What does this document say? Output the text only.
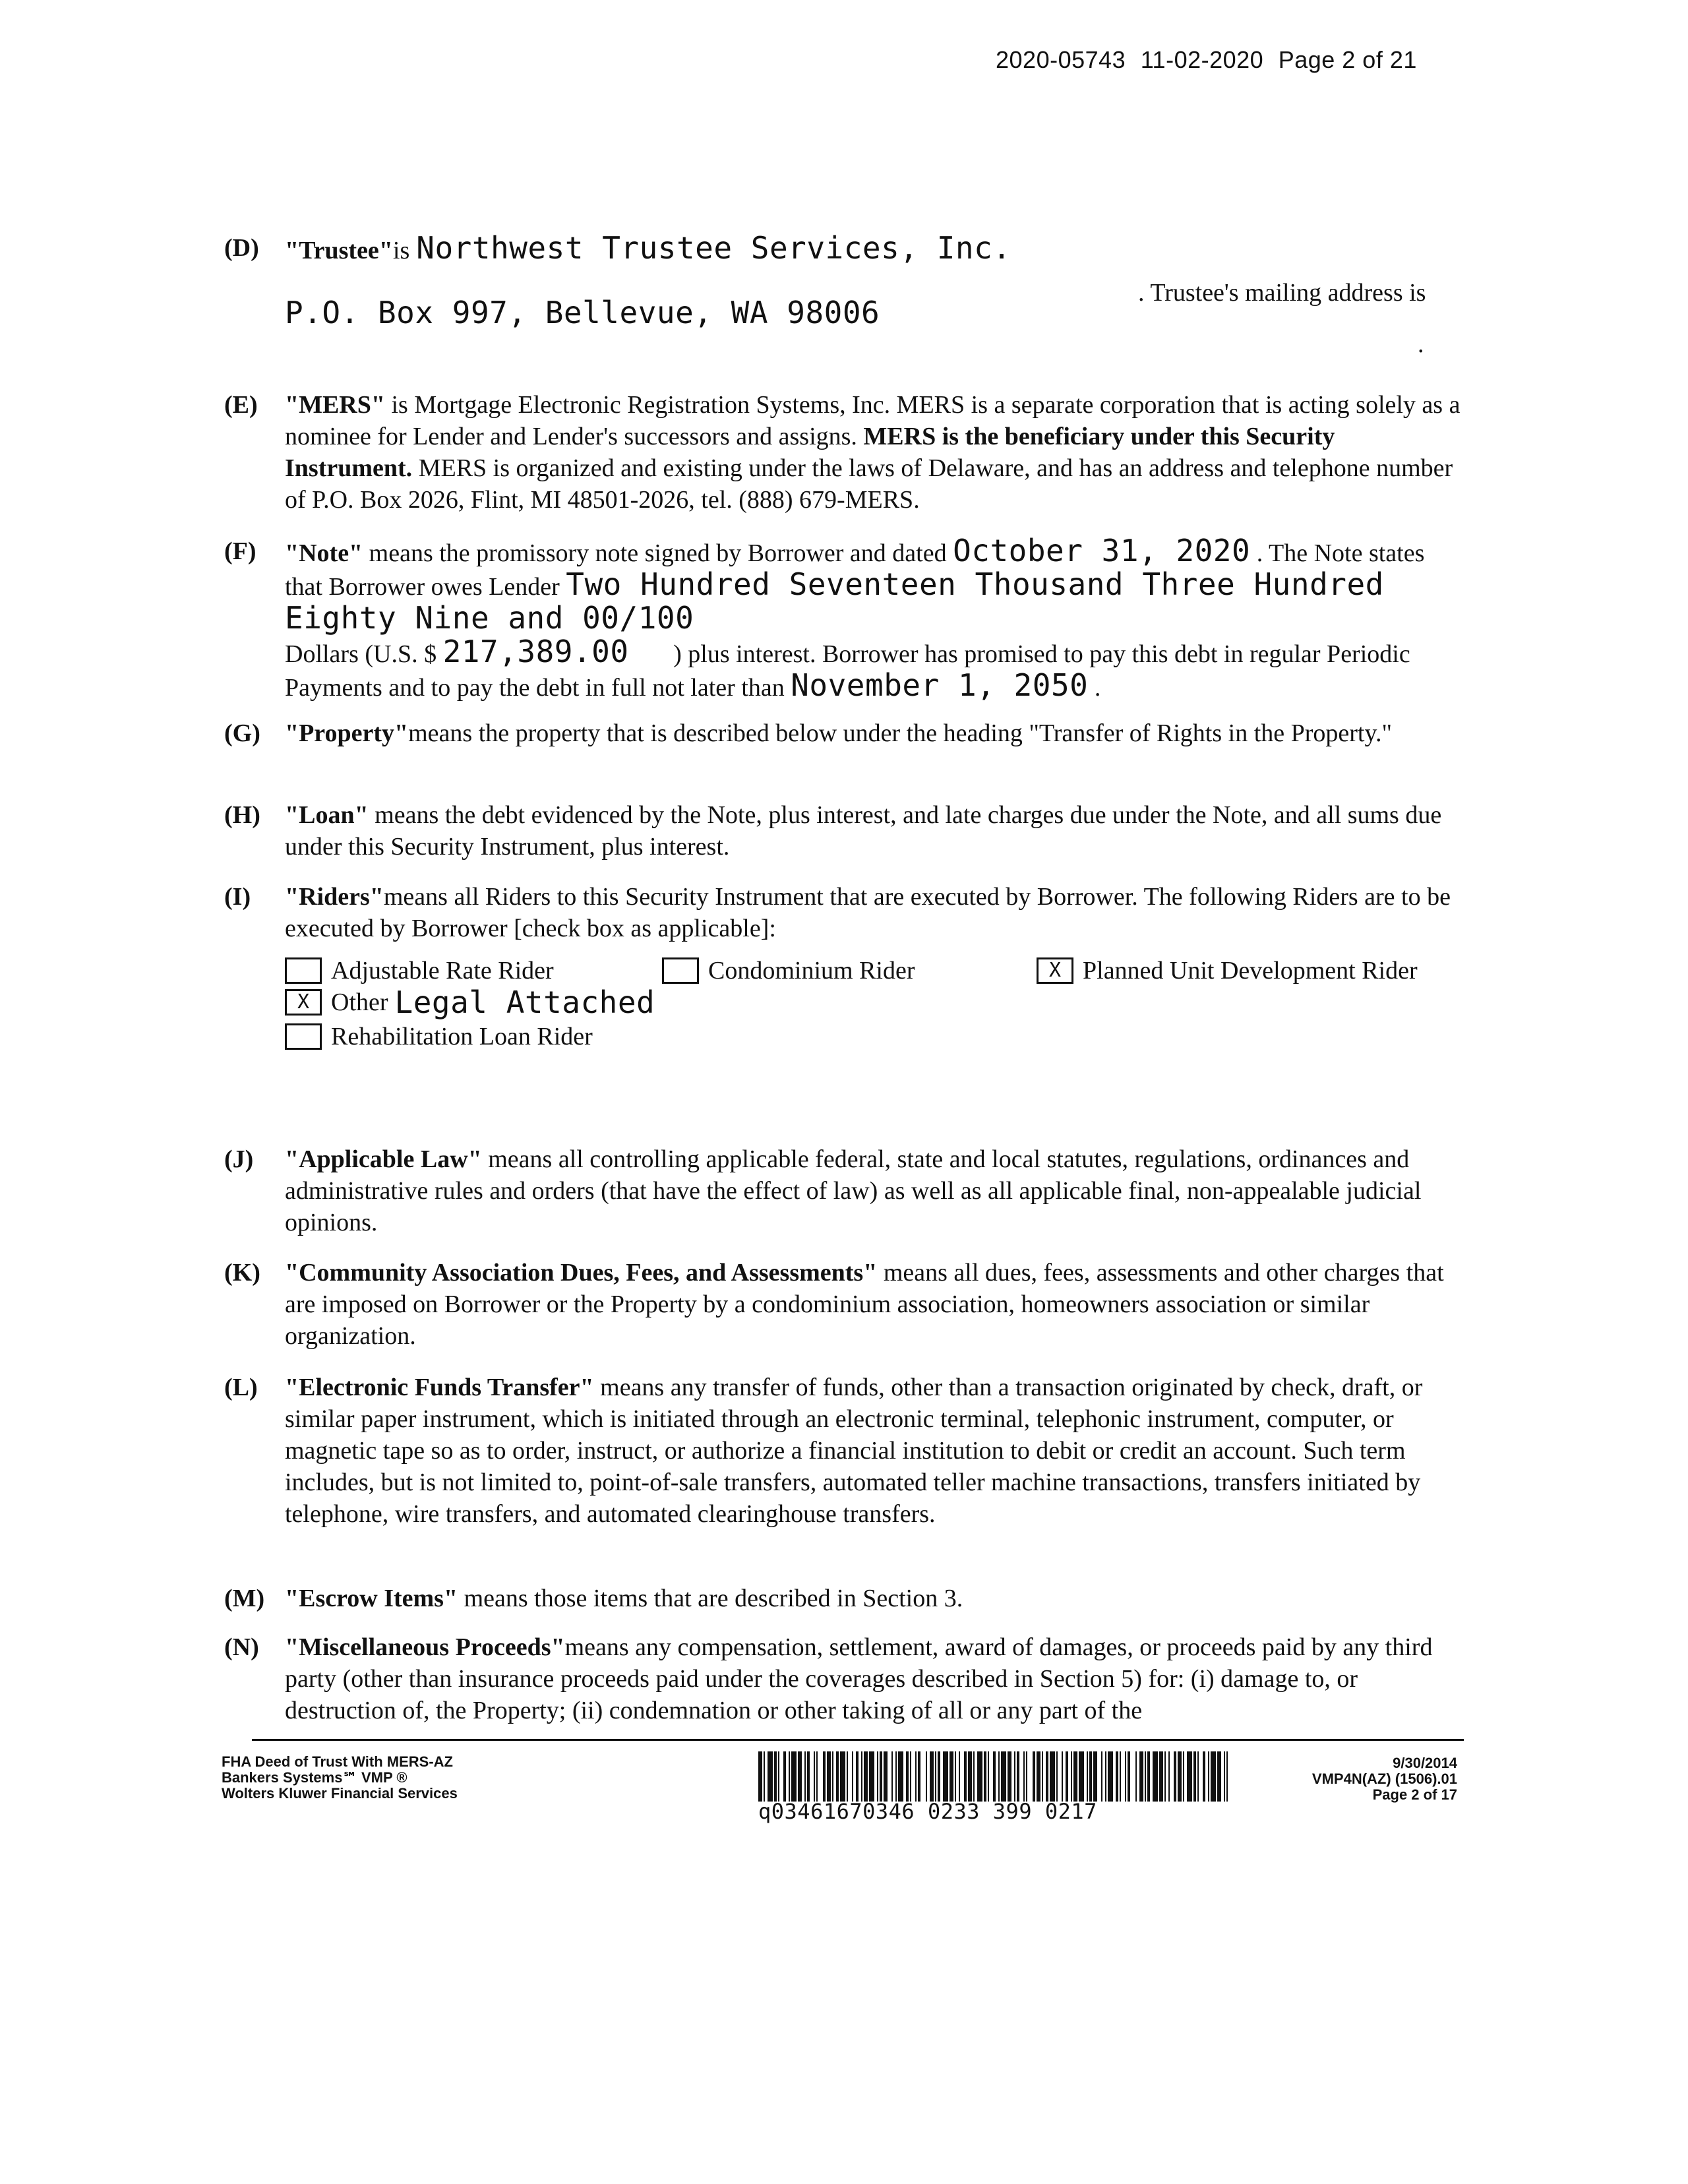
2020-05743 11-02-2020 Page 2 of 21
(D) "Trustee"is Northwest Trustee Services, Inc.
. Trustee's mailing address is
P.O. Box 997, Bellevue, WA 98006
.
(E) "MERS" is Mortgage Electronic Registration Systems, Inc. MERS is a separate corporation that is acting solely as a nominee for Lender and Lender's successors and assigns. MERS is the beneficiary under this Security Instrument. MERS is organized and existing under the laws of Delaware, and has an address and telephone number of P.O. Box 2026, Flint, MI 48501-2026, tel. (888) 679-MERS.
(F) "Note" means the promissory note signed by Borrower and dated October 31, 2020 . The Note states that Borrower owes Lender Two Hundred Seventeen Thousand Three Hundred Eighty Nine and 00/100
Dollars (U.S. $ 217,389.00 ) plus interest. Borrower has promised to pay this debt in regular Periodic Payments and to pay the debt in full not later than November 1, 2050 .
(G) "Property"means the property that is described below under the heading "Transfer of Rights in the Property."
(H) "Loan" means the debt evidenced by the Note, plus interest, and late charges due under the Note, and all sums due under this Security Instrument, plus interest.
(I) "Riders"means all Riders to this Security Instrument that are executed by Borrower. The following Riders are to be executed by Borrower [check box as applicable]:
Adjustable Rate Rider	Condominium Rider	X Planned Unit Development Rider
X Other Legal Attached
Rehabilitation Loan Rider
(J) "Applicable Law" means all controlling applicable federal, state and local statutes, regulations, ordinances and administrative rules and orders (that have the effect of law) as well as all applicable final, non-appealable judicial opinions.
(K) "Community Association Dues, Fees, and Assessments" means all dues, fees, assessments and other charges that are imposed on Borrower or the Property by a condominium association, homeowners association or similar organization.
(L) "Electronic Funds Transfer" means any transfer of funds, other than a transaction originated by check, draft, or similar paper instrument, which is initiated through an electronic terminal, telephonic instrument, computer, or magnetic tape so as to order, instruct, or authorize a financial institution to debit or credit an account. Such term includes, but is not limited to, point-of-sale transfers, automated teller machine transactions, transfers initiated by telephone, wire transfers, and automated clearinghouse transfers.
(M) "Escrow Items" means those items that are described in Section 3.
(N) "Miscellaneous Proceeds"means any compensation, settlement, award of damages, or proceeds paid by any third party (other than insurance proceeds paid under the coverages described in Section 5) for: (i) damage to, or destruction of, the Property; (ii) condemnation or other taking of all or any part of the
FHA Deed of Trust With MERS-AZ
Bankers Systems℠ VMP ®
Wolters Kluwer Financial Services
q03461670346 0233 399 0217
9/30/2014
VMP4N(AZ) (1506).01
Page 2 of 17
